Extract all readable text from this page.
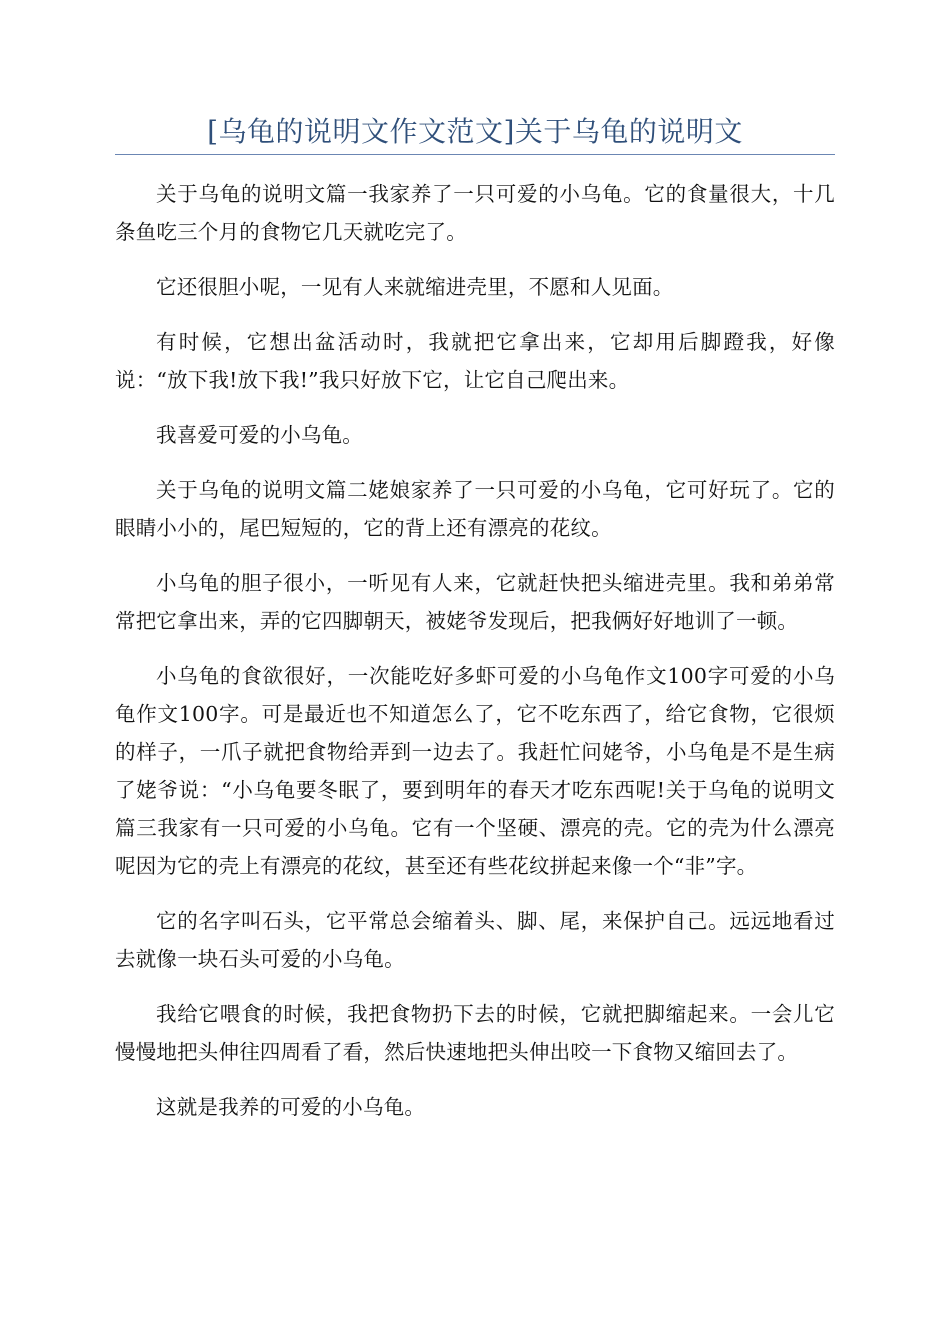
[乌龟的说明文作文范文]关于乌龟的说明文

关于乌龟的说明文篇一我家养了一只可爱的小乌龟。它的食量很大，十几条鱼吃三个月的食物它几天就吃完了。

它还很胆小呢，一见有人来就缩进壳里，不愿和人见面。

有时候，它想出盆活动时，我就把它拿出来，它却用后脚蹬我，好像说：“放下我!放下我!”我只好放下它，让它自己爬出来。

我喜爱可爱的小乌龟。

关于乌龟的说明文篇二姥娘家养了一只可爱的小乌龟，它可好玩了。它的眼睛小小的，尾巴短短的，它的背上还有漂亮的花纹。

小乌龟的胆子很小，一听见有人来，它就赶快把头缩进壳里。我和弟弟常常把它拿出来，弄的它四脚朝天，被姥爷发现后，把我俩好好地训了一顿。

小乌龟的食欲很好，一次能吃好多虾可爱的小乌龟作文100字可爱的小乌龟作文100字。可是最近也不知道怎么了，它不吃东西了，给它食物，它很烦的样子，一爪子就把食物给弄到一边去了。我赶忙问姥爷，小乌龟是不是生病了姥爷说：“小乌龟要冬眠了，要到明年的春天才吃东西呢!关于乌龟的说明文篇三我家有一只可爱的小乌龟。它有一个坚硬、漂亮的壳。它的壳为什么漂亮呢因为它的壳上有漂亮的花纹，甚至还有些花纹拼起来像一个“非”字。

它的名字叫石头，它平常总会缩着头、脚、尾，来保护自己。远远地看过去就像一块石头可爱的小乌龟。

我给它喂食的时候，我把食物扔下去的时候，它就把脚缩起来。一会儿它慢慢地把头伸往四周看了看，然后快速地把头伸出咬一下食物又缩回去了。

这就是我养的可爱的小乌龟。
